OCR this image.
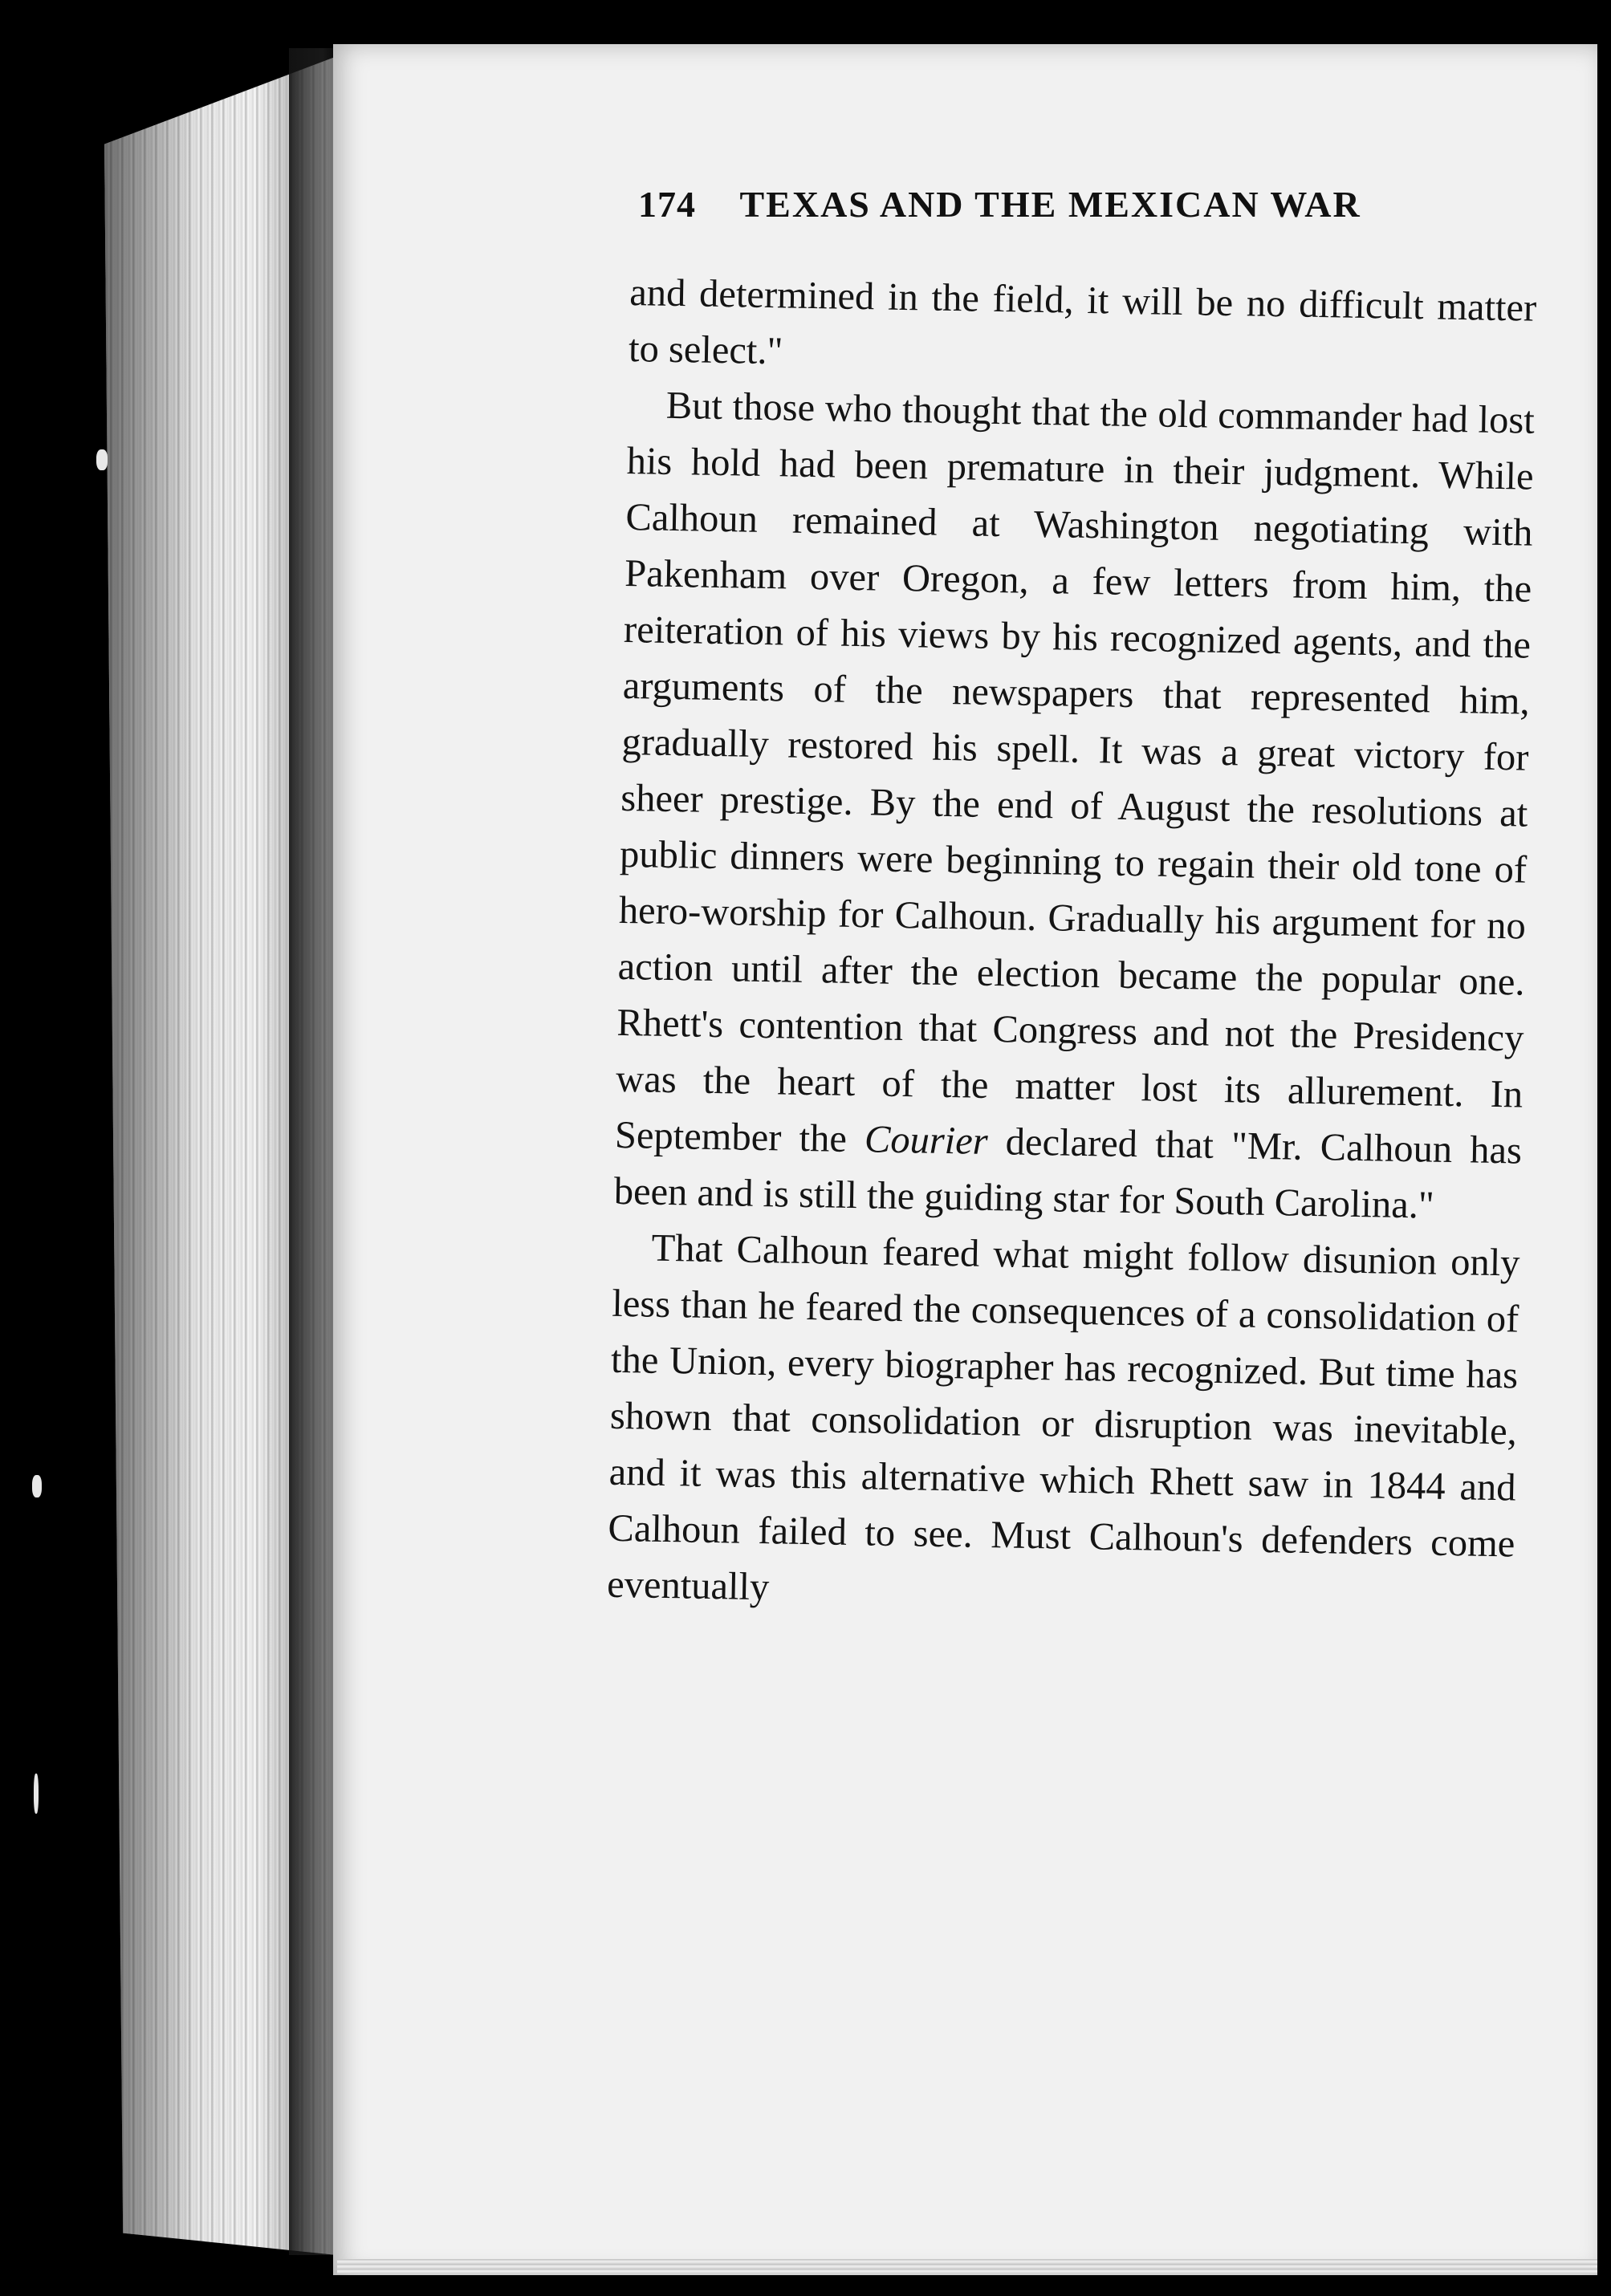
174 TEXAS AND THE MEXICAN WAR

and determined in the field, it will be no difficult matter to select."

But those who thought that the old commander had lost his hold had been premature in their judgment. While Calhoun remained at Washington negotiating with Pakenham over Oregon, a few letters from him, the reiteration of his views by his recognized agents, and the arguments of the newspapers that represented him, gradually restored his spell. It was a great victory for sheer prestige. By the end of August the resolutions at public dinners were beginning to regain their old tone of hero-worship for Calhoun. Gradually his argument for no action until after the election became the popular one. Rhett's contention that Congress and not the Presidency was the heart of the matter lost its allurement. In September the Courier declared that "Mr. Calhoun has been and is still the guiding star for South Carolina."

That Calhoun feared what might follow disunion only less than he feared the consequences of a consolidation of the Union, every biographer has recognized. But time has shown that consolidation or disruption was inevitable, and it was this alternative which Rhett saw in 1844 and Calhoun failed to see. Must Calhoun's defenders come eventually
